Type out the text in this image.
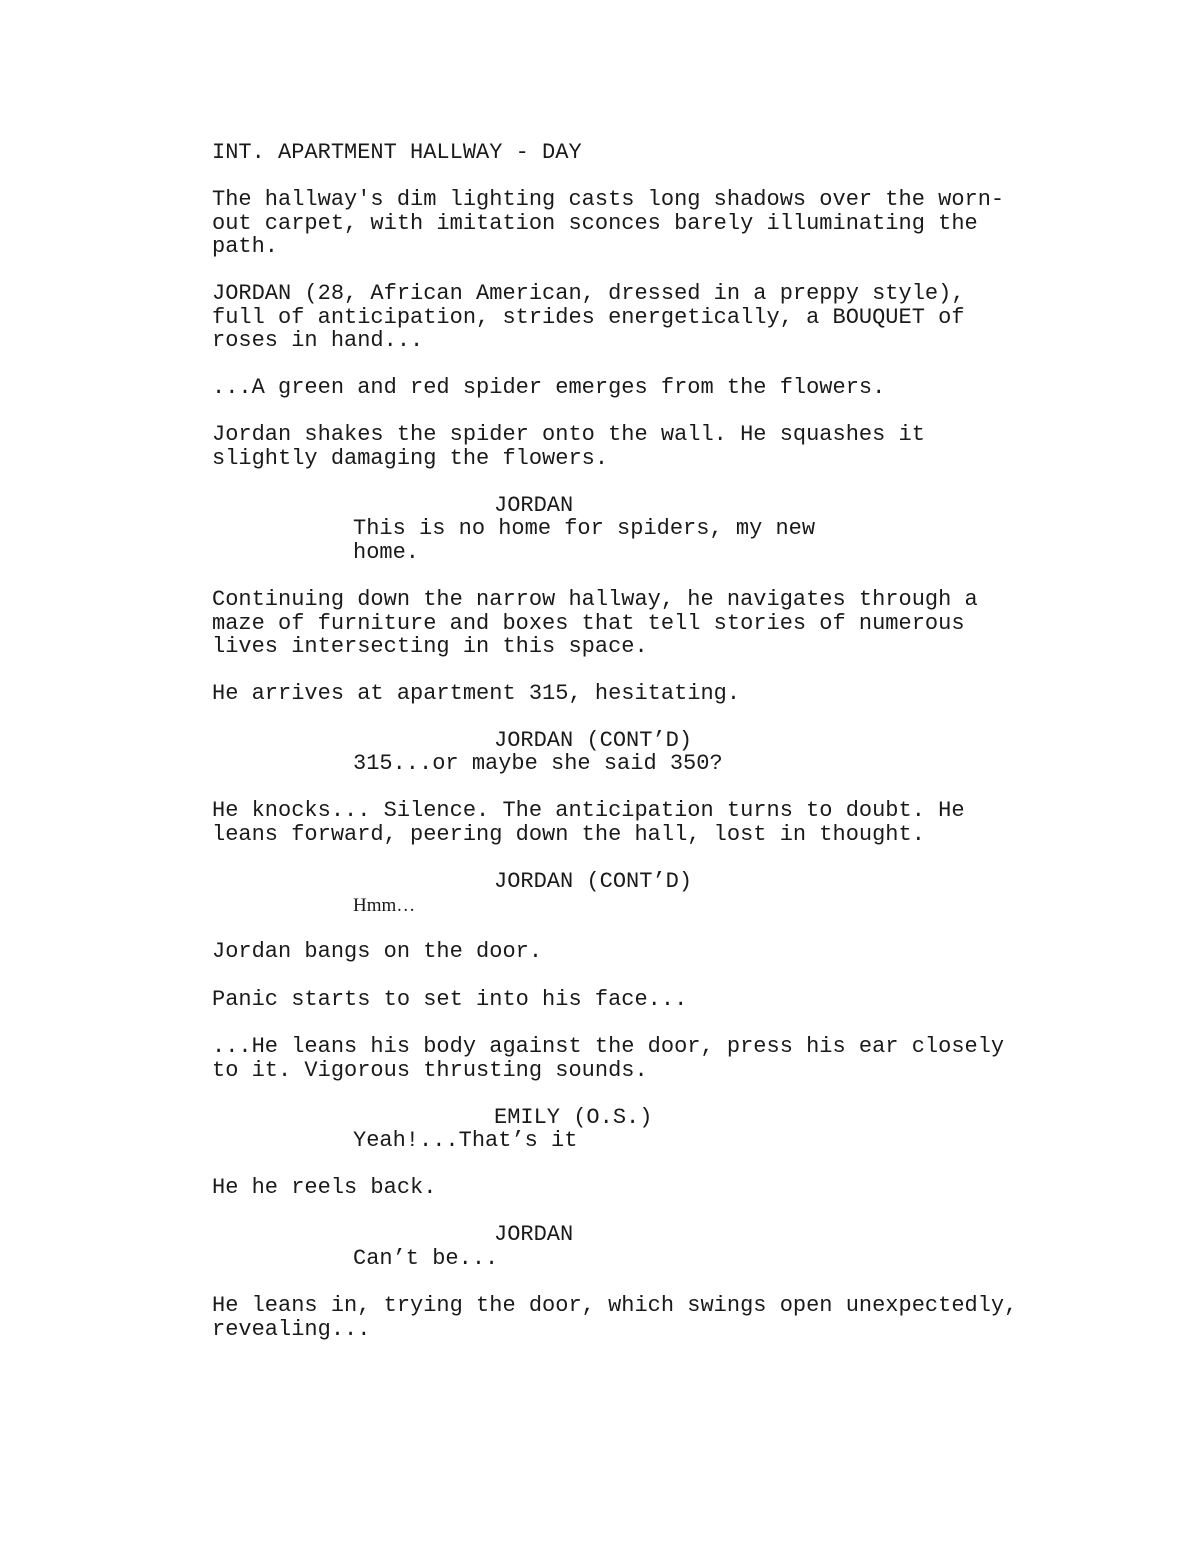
INT. APARTMENT HALLWAY - DAY

The hallway's dim lighting casts long shadows over the worn-
out carpet, with imitation sconces barely illuminating the
path.

JORDAN (28, African American, dressed in a preppy style),
full of anticipation, strides energetically, a BOUQUET of
roses in hand...

...A green and red spider emerges from the flowers.

Jordan shakes the spider onto the wall. He squashes it
slightly damaging the flowers.

JORDAN

This is no home for spiders, my new
home.

Continuing down the narrow hallway, he navigates through a
maze of furniture and boxes that tell stories of numerous
lives intersecting in this space.

He arrives at apartment 315, hesitating.

JORDAN (CONT’D)

315...or maybe she said 350?

He knocks... Silence. The anticipation turns to doubt. He
leans forward, peering down the hall, lost in thought.

JORDAN (CONT’D)

Hmm…

Jordan bangs on the door.

Panic starts to set into his face...

...He leans his body against the door, press his ear closely
to it. Vigorous thrusting sounds.

EMILY (O.S.)

Yeah!...That’s it

He he reels back.

JORDAN

Can’t be...

He leans in, trying the door, which swings open unexpectedly,
revealing...
